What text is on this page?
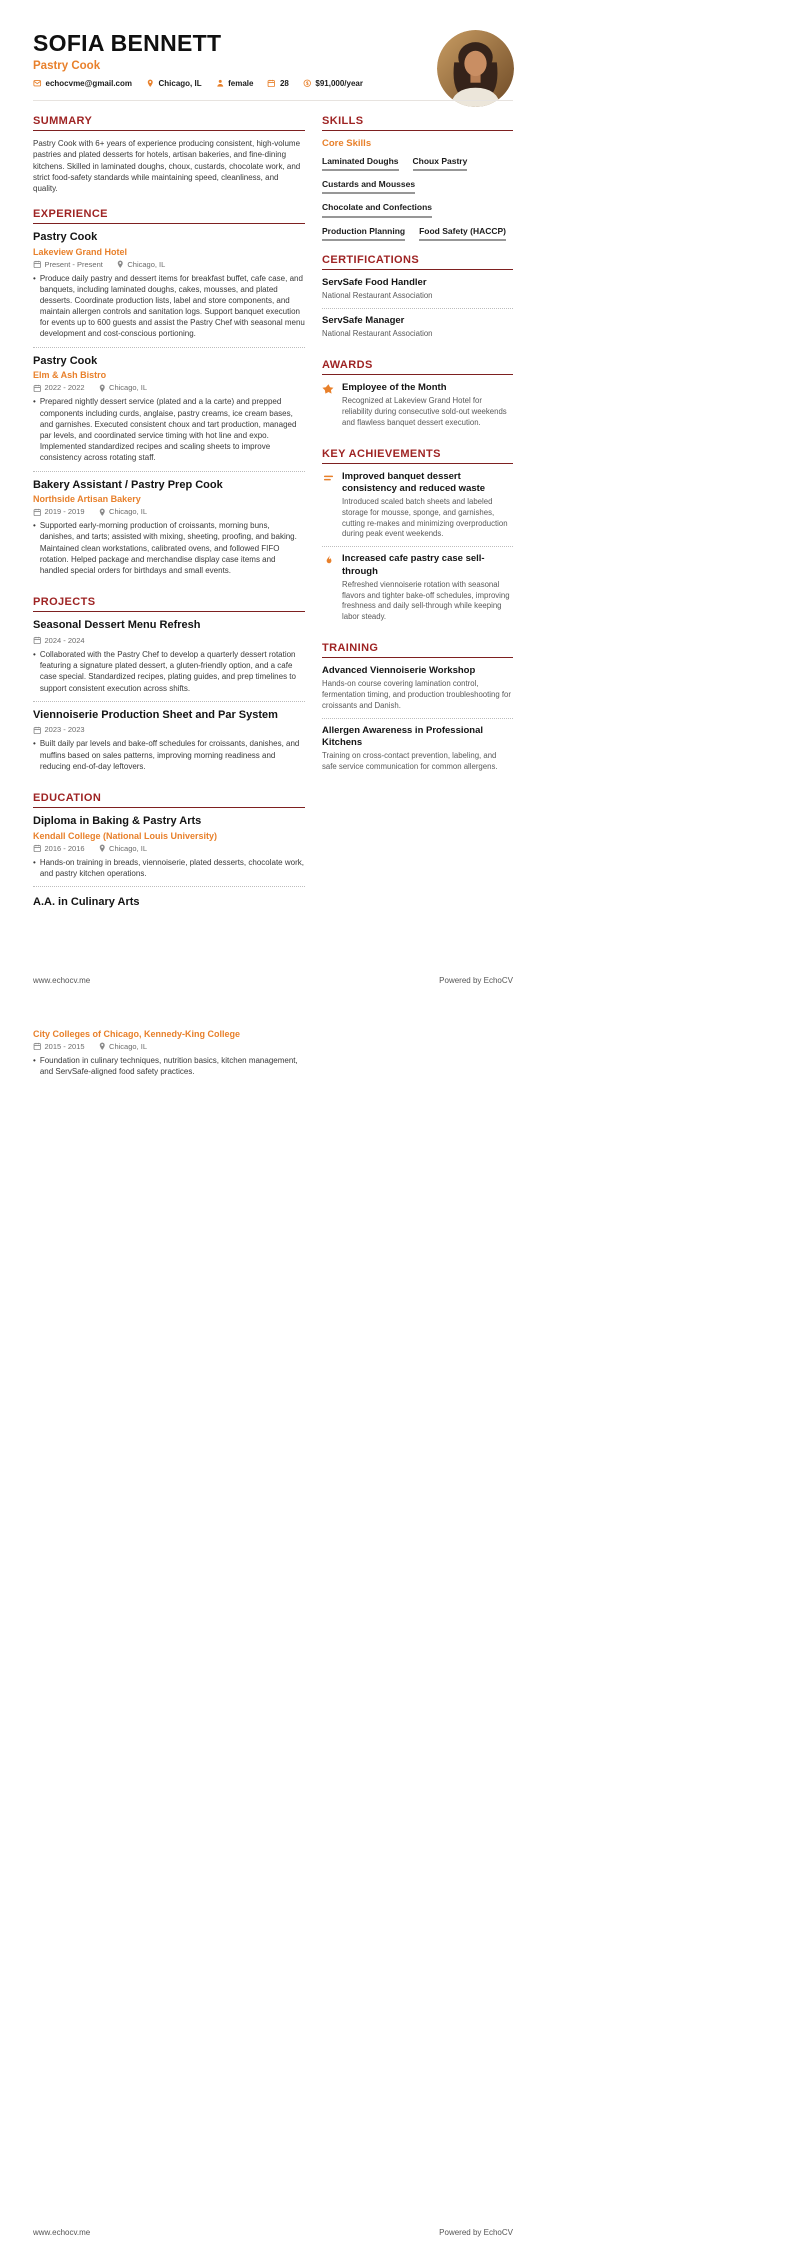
SOFIA BENNETT
Pastry Cook
echocvme@gmail.com	Chicago, IL	female	28	$91,000/year
SUMMARY
Pastry Cook with 6+ years of experience producing consistent, high-volume pastries and plated desserts for hotels, artisan bakeries, and fine-dining kitchens. Skilled in laminated doughs, choux, custards, chocolate work, and strict food-safety standards while maintaining speed, cleanliness, and quality.
EXPERIENCE
Pastry Cook
Lakeview Grand Hotel
Present - Present	Chicago, IL
• Produce daily pastry and dessert items for breakfast buffet, cafe case, and banquets, including laminated doughs, cakes, mousses, and plated desserts. Coordinate production lists, label and store components, and maintain allergen controls and sanitation logs. Support banquet execution for events up to 600 guests and assist the Pastry Chef with seasonal menu development and cost-conscious portioning.
Pastry Cook
Elm & Ash Bistro
2022 - 2022	Chicago, IL
• Prepared nightly dessert service (plated and a la carte) and prepped components including curds, anglaise, pastry creams, ice cream bases, and garnishes. Executed consistent choux and tart production, managed par levels, and coordinated service timing with hot line and expo. Implemented standardized recipes and scaling sheets to improve consistency across rotating staff.
Bakery Assistant / Pastry Prep Cook
Northside Artisan Bakery
2019 - 2019	Chicago, IL
• Supported early-morning production of croissants, morning buns, danishes, and tarts; assisted with mixing, sheeting, proofing, and baking. Maintained clean workstations, calibrated ovens, and followed FIFO rotation. Helped package and merchandise display case items and handled special orders for birthdays and small events.
PROJECTS
Seasonal Dessert Menu Refresh
2024 - 2024
• Collaborated with the Pastry Chef to develop a quarterly dessert rotation featuring a signature plated dessert, a gluten-friendly option, and a cafe case special. Standardized recipes, plating guides, and prep timelines to support consistent execution across shifts.
Viennoiserie Production Sheet and Par System
2023 - 2023
• Built daily par levels and bake-off schedules for croissants, danishes, and muffins based on sales patterns, improving morning readiness and reducing end-of-day leftovers.
EDUCATION
Diploma in Baking & Pastry Arts
Kendall College (National Louis University)
2016 - 2016	Chicago, IL
• Hands-on training in breads, viennoiserie, plated desserts, chocolate work, and pastry kitchen operations.
A.A. in Culinary Arts
SKILLS
Core Skills
Laminated Doughs Choux Pastry
Custards and Mousses
Chocolate and Confections
Production Planning Food Safety (HACCP)
CERTIFICATIONS
ServSafe Food Handler
National Restaurant Association
ServSafe Manager
National Restaurant Association
AWARDS
Employee of the Month
Recognized at Lakeview Grand Hotel for reliability during consecutive sold-out weekends and flawless banquet dessert execution.
KEY ACHIEVEMENTS
Improved banquet dessert consistency and reduced waste
Introduced scaled batch sheets and labeled storage for mousse, sponge, and garnishes, cutting re-makes and minimizing overproduction during peak event weekends.
Increased cafe pastry case sell-through
Refreshed viennoiserie rotation with seasonal flavors and tighter bake-off schedules, improving freshness and daily sell-through while keeping labor steady.
TRAINING
Advanced Viennoiserie Workshop
Hands-on course covering lamination control, fermentation timing, and production troubleshooting for croissants and Danish.
Allergen Awareness in Professional Kitchens
Training on cross-contact prevention, labeling, and safe service communication for common allergens.
www.echocv.me	Powered by EchoCV
City Colleges of Chicago, Kennedy-King College
2015 - 2015	Chicago, IL
• Foundation in culinary techniques, nutrition basics, kitchen management, and ServSafe-aligned food safety practices.
www.echocv.me	Powered by EchoCV
